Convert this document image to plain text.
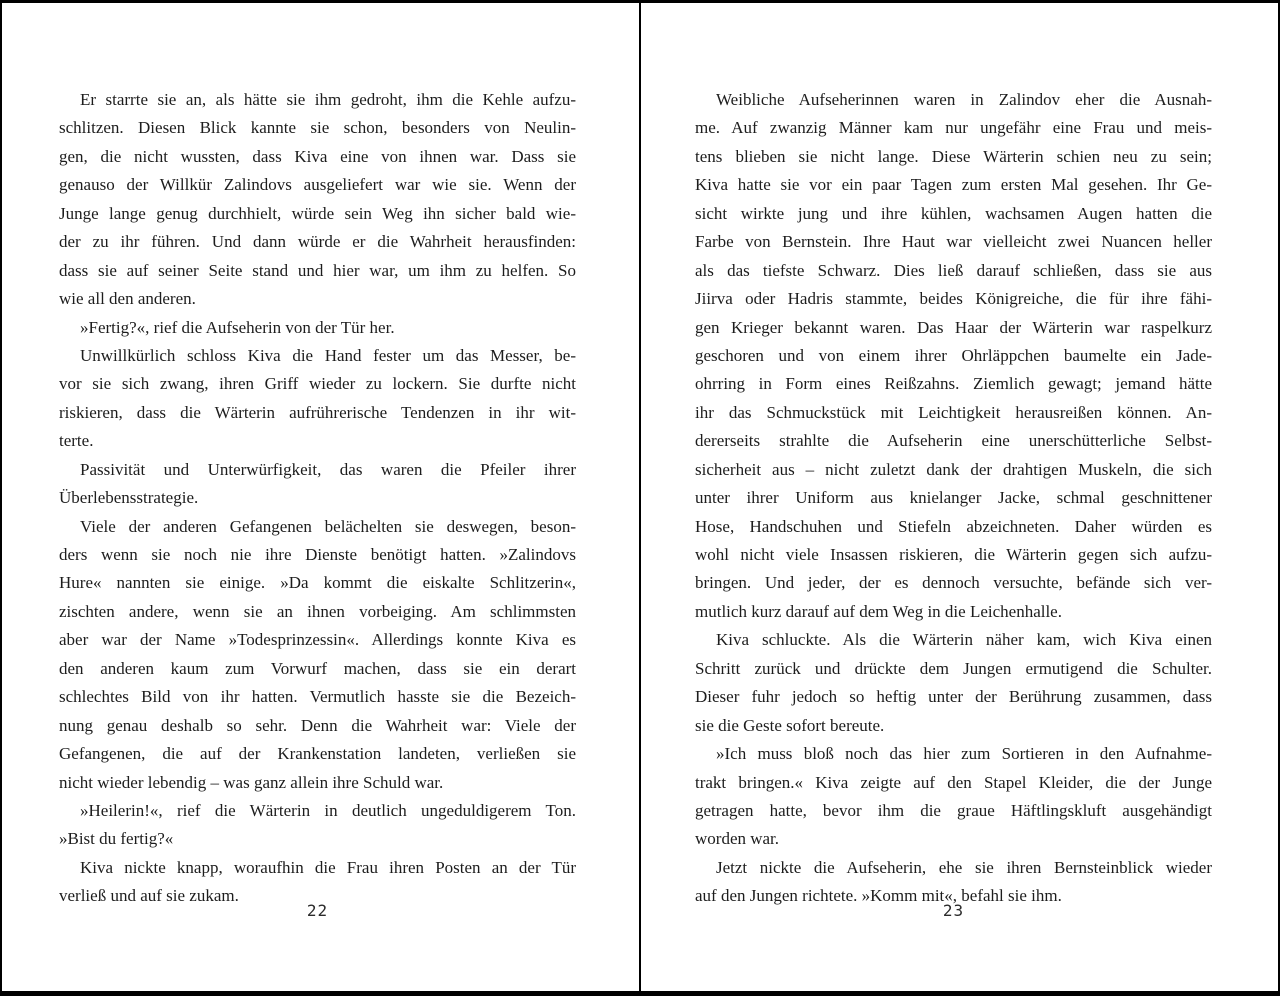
Er starrte sie an, als hätte sie ihm gedroht, ihm die Kehle aufzu-
schlitzen. Diesen Blick kannte sie schon, besonders von Neulin-
gen, die nicht wussten, dass Kiva eine von ihnen war. Dass sie
genauso der Willkür Zalindovs ausgeliefert war wie sie. Wenn der
Junge lange genug durchhielt, würde sein Weg ihn sicher bald wie-
der zu ihr führen. Und dann würde er die Wahrheit herausfinden:
dass sie auf seiner Seite stand und hier war, um ihm zu helfen. So
wie all den anderen.
»Fertig?«, rief die Aufseherin von der Tür her.
Unwillkürlich schloss Kiva die Hand fester um das Messer, be-
vor sie sich zwang, ihren Griff wieder zu lockern. Sie durfte nicht
riskieren, dass die Wärterin aufrührerische Tendenzen in ihr wit-
terte.
Passivität und Unterwürfigkeit, das waren die Pfeiler ihrer
Überlebensstrategie.
Viele der anderen Gefangenen belächelten sie deswegen, beson-
ders wenn sie noch nie ihre Dienste benötigt hatten. »Zalindovs
Hure« nannten sie einige. »Da kommt die eiskalte Schlitzerin«,
zischten andere, wenn sie an ihnen vorbeiging. Am schlimmsten
aber war der Name »Todesprinzessin«. Allerdings konnte Kiva es
den anderen kaum zum Vorwurf machen, dass sie ein derart
schlechtes Bild von ihr hatten. Vermutlich hasste sie die Bezeich-
nung genau deshalb so sehr. Denn die Wahrheit war: Viele der
Gefangenen, die auf der Krankenstation landeten, verließen sie
nicht wieder lebendig – was ganz allein ihre Schuld war.
»Heilerin!«, rief die Wärterin in deutlich ungeduldigerem Ton.
»Bist du fertig?«
Kiva nickte knapp, woraufhin die Frau ihren Posten an der Tür
verließ und auf sie zukam.
22
Weibliche Aufseherinnen waren in Zalindov eher die Ausnah-
me. Auf zwanzig Männer kam nur ungefähr eine Frau und meis-
tens blieben sie nicht lange. Diese Wärterin schien neu zu sein;
Kiva hatte sie vor ein paar Tagen zum ersten Mal gesehen. Ihr Ge-
sicht wirkte jung und ihre kühlen, wachsamen Augen hatten die
Farbe von Bernstein. Ihre Haut war vielleicht zwei Nuancen heller
als das tiefste Schwarz. Dies ließ darauf schließen, dass sie aus
Jiirva oder Hadris stammte, beides Königreiche, die für ihre fähi-
gen Krieger bekannt waren. Das Haar der Wärterin war raspelkurz
geschoren und von einem ihrer Ohrläppchen baumelte ein Jade-
ohrring in Form eines Reißzahns. Ziemlich gewagt; jemand hätte
ihr das Schmuckstück mit Leichtigkeit herausreißen können. An-
dererseits strahlte die Aufseherin eine unerschütterliche Selbst-
sicherheit aus – nicht zuletzt dank der drahtigen Muskeln, die sich
unter ihrer Uniform aus knielanger Jacke, schmal geschnittener
Hose, Handschuhen und Stiefeln abzeichneten. Daher würden es
wohl nicht viele Insassen riskieren, die Wärterin gegen sich aufzu-
bringen. Und jeder, der es dennoch versuchte, befände sich ver-
mutlich kurz darauf auf dem Weg in die Leichenhalle.
Kiva schluckte. Als die Wärterin näher kam, wich Kiva einen
Schritt zurück und drückte dem Jungen ermutigend die Schulter.
Dieser fuhr jedoch so heftig unter der Berührung zusammen, dass
sie die Geste sofort bereute.
»Ich muss bloß noch das hier zum Sortieren in den Aufnahme-
trakt bringen.« Kiva zeigte auf den Stapel Kleider, die der Junge
getragen hatte, bevor ihm die graue Häftlingskluft ausgehändigt
worden war.
Jetzt nickte die Aufseherin, ehe sie ihren Bernsteinblick wieder
auf den Jungen richtete. »Komm mit«, befahl sie ihm.
23
